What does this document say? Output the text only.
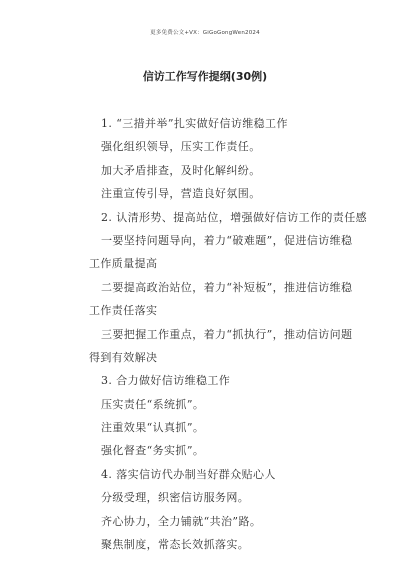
更多免费公文+VX：GiGoGongWen2024
信访工作写作提纲(30例)
1. “三措并举”扎实做好信访维稳工作
强化组织领导，压实工作责任。
加大矛盾排查，及时化解纠纷。
注重宣传引导，营造良好氛围。
2. 认清形势、提高站位，增强做好信访工作的责任感
一要坚持问题导向，着力“破难题”，促进信访维稳
工作质量提高
二要提高政治站位，着力“补短板”，推进信访维稳
工作责任落实
三要把握工作重点，着力“抓执行”，推动信访问题
得到有效解决
3. 合力做好信访维稳工作
压实责任“系统抓”。
注重效果“认真抓”。
强化督查“务实抓”。
4. 落实信访代办制当好群众贴心人
分级受理，织密信访服务网。
齐心协力，全力铺就“共治”路。
聚焦制度，常态长效抓落实。
